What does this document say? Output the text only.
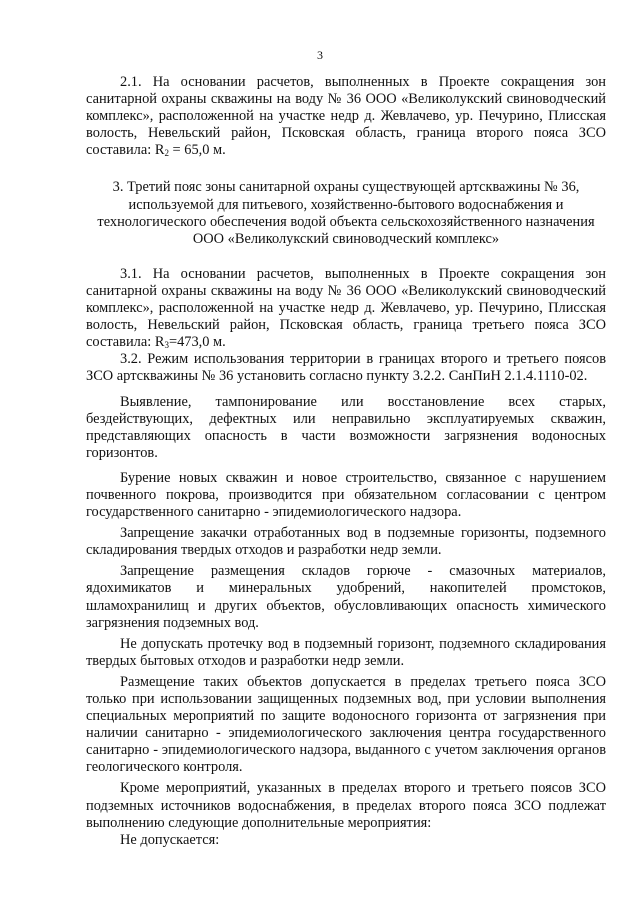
3

2.1. На основании расчетов, выполненных в Проекте сокращения зон санитарной охраны скважины на воду № 36 ООО «Великолукский свиноводческий комплекс», расположенной на участке недр д. Жевлачево, ур. Печурино, Плисская волость, Невельский район, Псковская область, граница второго пояса ЗСО составила: $R_2 = 65,0$ м.

3. Третий пояс зоны санитарной охраны существующей артскважины № 36, используемой для питьевого, хозяйственно-бытового водоснабжения и технологического обеспечения водой объекта сельскохозяйственного назначения ООО «Великолукский свиноводческий комплекс»

3.1. На основании расчетов, выполненных в Проекте сокращения зон санитарной охраны скважины на воду № 36 ООО «Великолукский свиноводческий комплекс», расположенной на участке недр д. Жевлачево, ур. Печурино, Плисская волость, Невельский район, Псковская область, граница третьего пояса ЗСО составила: $R_3=473,0$ м.

3.2. Режим использования территории в границах второго и третьего поясов ЗСО артскважины № 36 установить согласно пункту 3.2.2. СанПиН 2.1.4.1110-02.

Выявление, тампонирование или восстановление всех старых, бездействующих, дефектных или неправильно эксплуатируемых скважин, представляющих опасность в части возможности загрязнения водоносных горизонтов.

Бурение новых скважин и новое строительство, связанное с нарушением почвенного покрова, производится при обязательном согласовании с центром государственного санитарно - эпидемиологического надзора.

Запрещение закачки отработанных вод в подземные горизонты, подземного складирования твердых отходов и разработки недр земли.

Запрещение размещения складов горюче - смазочных материалов, ядохимикатов и минеральных удобрений, накопителей промстоков, шламохранилищ и других объектов, обусловливающих опасность химического загрязнения подземных вод.

Не допускать протечку вод в подземный горизонт, подземного складирования твердых бытовых отходов и разработки недр земли.

Размещение таких объектов допускается в пределах третьего пояса ЗСО только при использовании защищенных подземных вод, при условии выполнения специальных мероприятий по защите водоносного горизонта от загрязнения при наличии санитарно - эпидемиологического заключения центра государственного санитарно - эпидемиологического надзора, выданного с учетом заключения органов геологического контроля.

Кроме мероприятий, указанных в пределах второго и третьего поясов ЗСО подземных источников водоснабжения, в пределах второго пояса ЗСО подлежат выполнению следующие дополнительные мероприятия:

Не допускается:
